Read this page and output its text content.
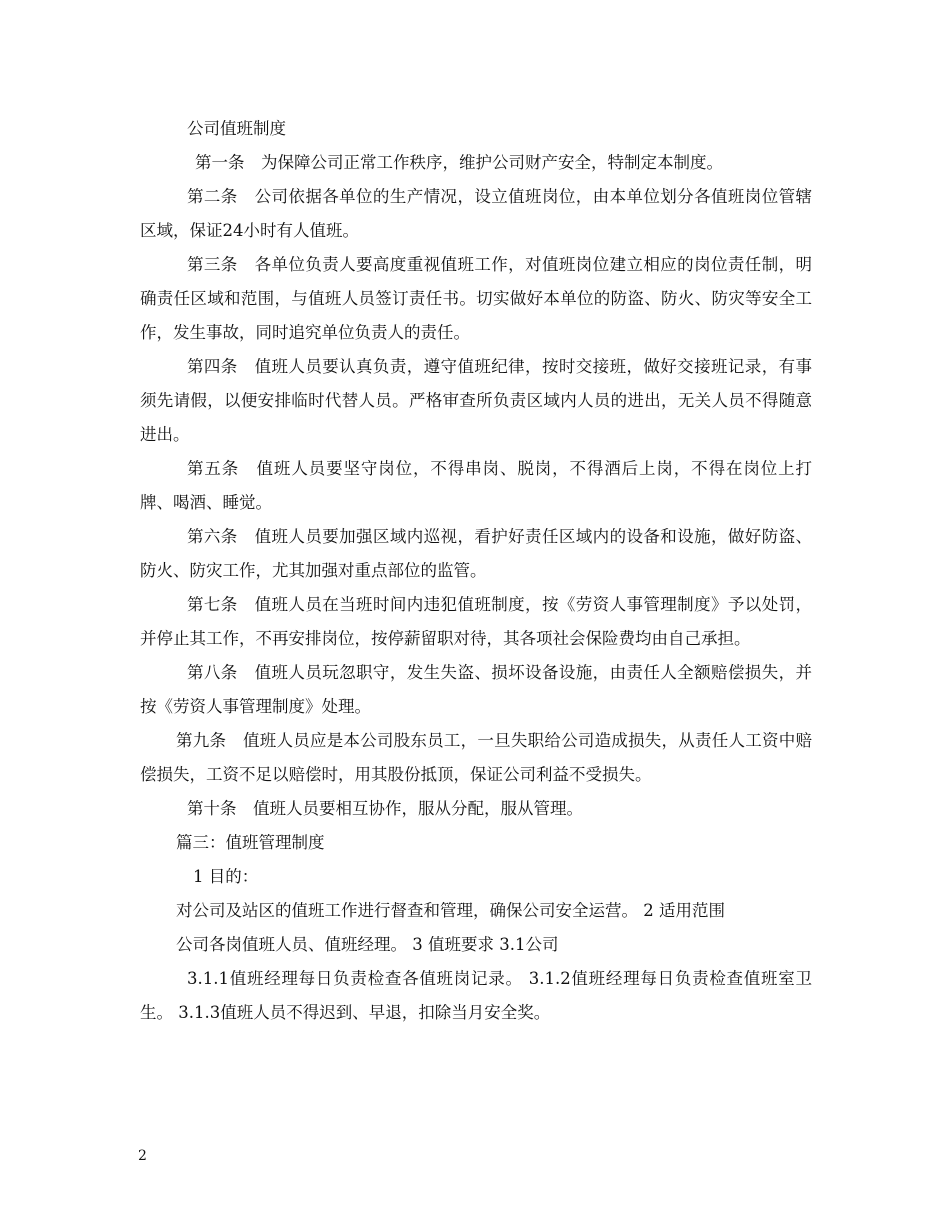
公司值班制度

第一条　为保障公司正常工作秩序，维护公司财产安全，特制定本制度。

第二条　公司依据各单位的生产情况，设立值班岗位，由本单位划分各值班岗位管辖区域，保证24小时有人值班。

第三条　各单位负责人要高度重视值班工作，对值班岗位建立相应的岗位责任制，明确责任区域和范围，与值班人员签订责任书。切实做好本单位的防盗、防火、防灾等安全工作，发生事故，同时追究单位负责人的责任。

第四条　值班人员要认真负责，遵守值班纪律，按时交接班，做好交接班记录，有事须先请假，以便安排临时代替人员。严格审查所负责区域内人员的进出，无关人员不得随意进出。

第五条　值班人员要坚守岗位，不得串岗、脱岗，不得酒后上岗，不得在岗位上打牌、喝酒、睡觉。

第六条　值班人员要加强区域内巡视，看护好责任区域内的设备和设施，做好防盗、防火、防灾工作，尤其加强对重点部位的监管。

第七条　值班人员在当班时间内违犯值班制度，按《劳资人事管理制度》予以处罚，并停止其工作，不再安排岗位，按停薪留职对待，其各项社会保险费均由自己承担。

第八条　值班人员玩忽职守，发生失盗、损坏设备设施，由责任人全额赔偿损失，并按《劳资人事管理制度》处理。

第九条　值班人员应是本公司股东员工，一旦失职给公司造成损失，从责任人工资中赔偿损失，工资不足以赔偿时，用其股份抵顶，保证公司利益不受损失。

第十条　值班人员要相互协作，服从分配，服从管理。

篇三：值班管理制度

1 目的：

对公司及站区的值班工作进行督查和管理，确保公司安全运营。 2 适用范围

公司各岗值班人员、值班经理。 3 值班要求 3.1公司

3.1.1值班经理每日负责检查各值班岗记录。 3.1.2值班经理每日负责检查值班室卫生。 3.1.3值班人员不得迟到、早退，扣除当月安全奖。

2
